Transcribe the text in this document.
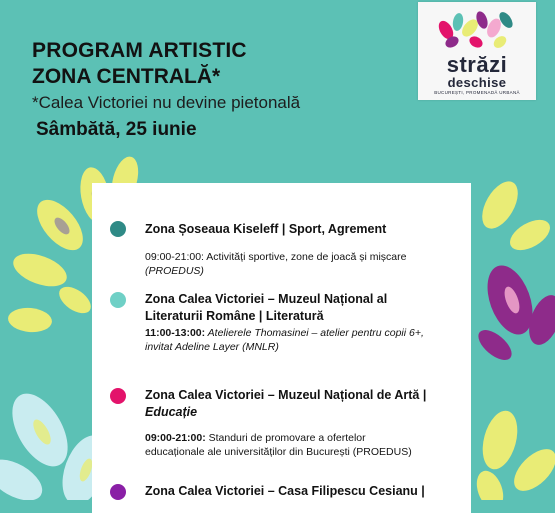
PROGRAM ARTISTIC
ZONA CENTRALĂ*
*Calea Victoriei nu devine pietonală
Sâmbătă, 25 iunie
străzi
deschise
BUCUREȘTI, PROMENADĂ URBANĂ
Zona Șoseaua Kiseleff | Sport, Agrement
09:00-21:00: Activități sportive, zone de joacă și mișcare
(PROEDUS)
Zona Calea Victoriei – Muzeul Național al
Literaturii Române | Literatură
11:00-13:00: Atelierele Thomasinei – atelier pentru copii 6+,
invitat Adeline Layer (MNLR)
Zona Calea Victoriei – Muzeul Național de Artă |
Educație
09:00-21:00: Standuri de promovare a ofertelor
educaționale ale universităților din București (PROEDUS)
Zona Calea Victoriei – Casa Filipescu Cesianu |
